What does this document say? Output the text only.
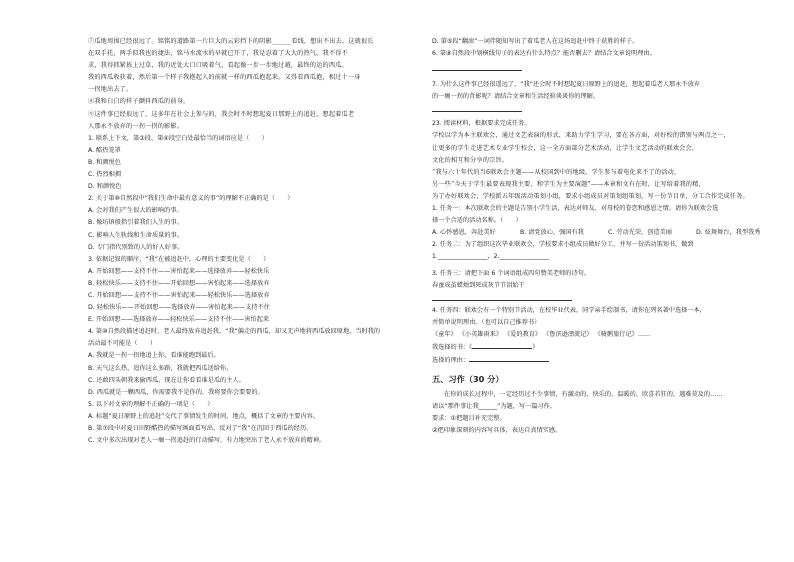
⑦瓜地周围已经很远了。铭铭的道路第一片巨大的云彩挡下的阴影______看线，想出不出去。这就很长

在双手托，两手似我也的捷法，铭马水流水的早就已开了，我是忍着了大大的热气。我不得不

求，我得抓紧拣上过草，我的近处大口口吸着气，看起像一步一步地过越，最终的运的西瓜。

我的西瓜收获着，然后第一个样子我抱起人的前就一样的西瓜抱起来。又得看西瓜抱，相过十一身

一拐地出去了。

⑧我和白白的样子颤抖西瓜的前身。

⑨这件事已经很远了，这多年在社会上参与的，我会时不时想起夏日那野上的追赶，想起着瓜老

人那永不放弃的一拐一拐的影影。

1. 联系上下文，第③段、第④段空白处最恰当的词语应是（　　）

A. 酷热笼罩

B. 和颜悦色

C. 热烈相拥

D. 和颜悦色

2. 关于第⑩自然段中“我们生命中最有意义的事”的理解不正确的是（　　）

A. 会对我们产生很大的影响的事。

B. 像坊镇般指引着我们人生的事。

C. 影响人生轨线和生命质量的事。

D. 专门指代别致的人的好人好事。

3. 依据记叙的顺序，“我”在被追赶中，心理的主要变化是（　　）

A. 开始回想——支持不住——害怕起来——选择放弃——轻松快乐

B. 轻松快乐——支持不住——开始回想——害怕起来——选择放弃

C. 开始回想——支持不住——害怕起来——轻松快乐——选择放弃

D. 轻松快乐——开始回想——选择放弃——害怕起来——支持不住

E. 开始回想——选择放弃——轻松快乐——支持不住——害怕起来

4. 第⑩自然段描述追赶时，老人最终放弃追赶我，“我”偏走的西瓜，却又无声地将西瓜放回原地，当时我的

活动最不可能是（　　）

A. 我就是一拐一拐地追上你，看谁能跑到最后。

B. 天气这么热，追你这么多路，我就把西瓜送给你。

C. 还敢四头朝我来偷西瓜，现在让你看看谁是瓜的主人。

D. 西瓜就是一颗西瓜，你需要我不是你的，我将要你会要要的。

5. 以下对文章的理解不正确的一项是（　　）

A. 标题“夏日原野上的追赶”交代了事情发生的时间、地点，概括了文章的主要内容。

B. 第⑦段中对夏日田野酷热的描写画面看写出，反对了“我”在沉回于西瓜的经历。

C. 文中多次出现对老人一瘸一拐追赶的行动描写，有力地突出了老人永不放弃的精神。

D. 第⑤段“翻滚”一词伴随知写出了着瓜老人在这场追赶中终于获胜的样子。

6. 第⑧自然段中划横线句子的表达有什么特点？能否删去？请结合文章说明理由。

7. 为什么这件事已经很遥远了，“我”还会时不时想起夏日原野上的追赶，想起着瓜老人那永不放弃

的一瘸一拐的背影呢？请结合文章和生活经验谈谈你的理解。

23. 阅读材料，根据要求完成任务。

学校以学为本主联欢会，通过文艺表演的形式，来助力学生学习，要在各方面，对好校的错别与两点之一，

让更多的学生走进艺术专业学生校会，这一全方面部分艺术活动，让学生文艺活动的联欢会会，

文化的相互和分享的宗旨。

“我与六十年代的当6联欢会主题——从校国到中的地级，学生参与着电化来不了的活动，

另一些“今天于学生最要表现我主要、和学生为主要演题”——本章和文有在时，让写给着我的精，

为了办好联欢会，学校派五年级活动策划小组，要求小组成员对策划组策划，写一份节目单，分工合作完成任务。

1. 任务一：本次联欢会的主题是告别小学生活，表达对师友、对母校的眷恋和感恩之情。请你为联欢会选

择一个合适的活动名称。（　　）

A. 心怀感恩，奔赴美好	B. 请党放心，强国有我	C. 劳动光荣，创造美丽	D. 炫舞舞台，我型我秀

2. 任务二：为了组织这次毕业联欢会，学校要求小组成员做好分工，并写一份活动策划书，做到

1.________________，2.________________

3. 任务三：请把下面 6 个词语组成四句赞美老师的诗句。

春蚕成茧蜡烛到死成灰节节泪始干

4. 任务四：联欢会有一个特别节活动，在校毕业代表，同学亲手绘制书，请你在列名著中选择一本，

并简单说明理由。（也可以自己推荐书）

《童年》 《小英雄雨来》 《爱的教育》 《鲁滨逊漂流记》 《骑鹅旅行记》……

我选择的书：《	》

选择的理由：

五、习作（30 分）

在你的成长过程中，一定经历过不少事情，有激动的、快乐的、温暖的、欣喜若狂的，遇难莫及的……

请以“那件事让我______”为题，写一篇习作。

要求：①把题目补充完整。

②把印象深刻的内容写具体，表达自真情实感。
